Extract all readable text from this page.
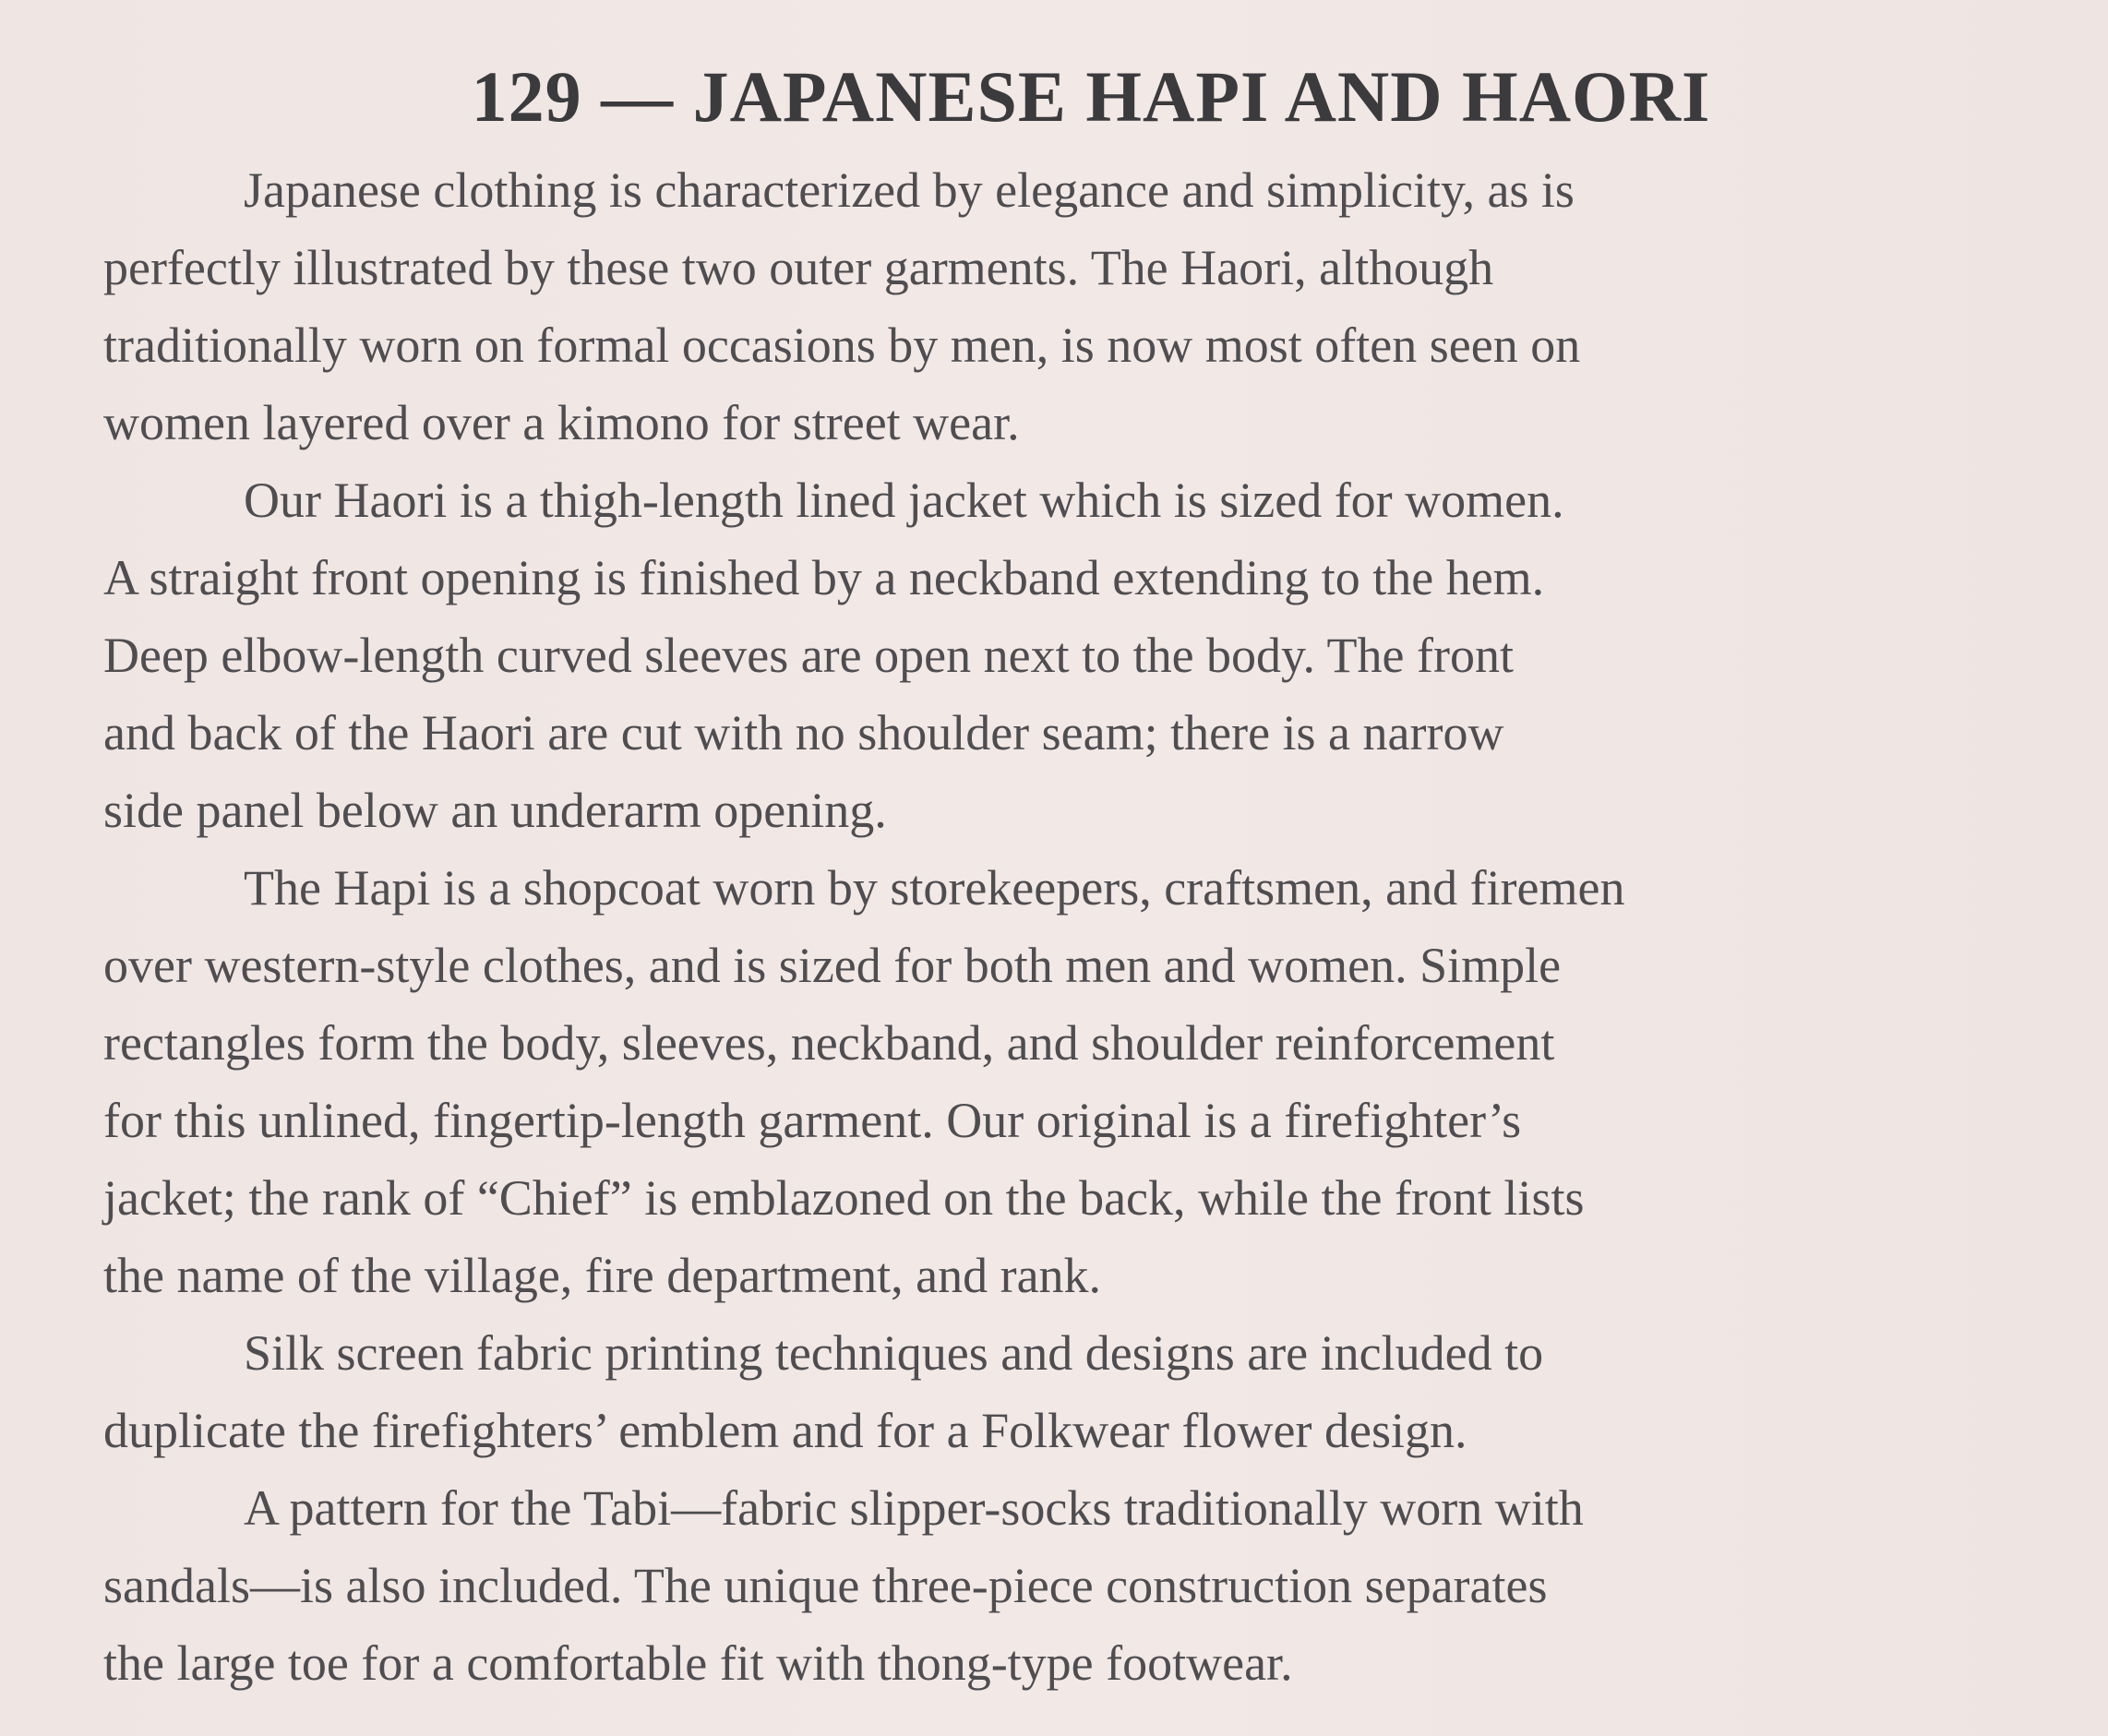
129 — JAPANESE HAPI AND HAORI

Japanese clothing is characterized by elegance and simplicity, as is
perfectly illustrated by these two outer garments. The Haori, although
traditionally worn on formal occasions by men, is now most often seen on
women layered over a kimono for street wear.

Our Haori is a thigh-length lined jacket which is sized for women.
A straight front opening is finished by a neckband extending to the hem.
Deep elbow-length curved sleeves are open next to the body. The front
and back of the Haori are cut with no shoulder seam; there is a narrow
side panel below an underarm opening.

The Hapi is a shopcoat worn by storekeepers, craftsmen, and firemen
over western-style clothes, and is sized for both men and women. Simple
rectangles form the body, sleeves, neckband, and shoulder reinforcement
for this unlined, fingertip-length garment. Our original is a firefighter’s
jacket; the rank of “Chief” is emblazoned on the back, while the front lists
the name of the village, fire department, and rank.

Silk screen fabric printing techniques and designs are included to
duplicate the firefighters’ emblem and for a Folkwear flower design.

A pattern for the Tabi—fabric slipper-socks traditionally worn with
sandals—is also included. The unique three-piece construction separates
the large toe for a comfortable fit with thong-type footwear.
